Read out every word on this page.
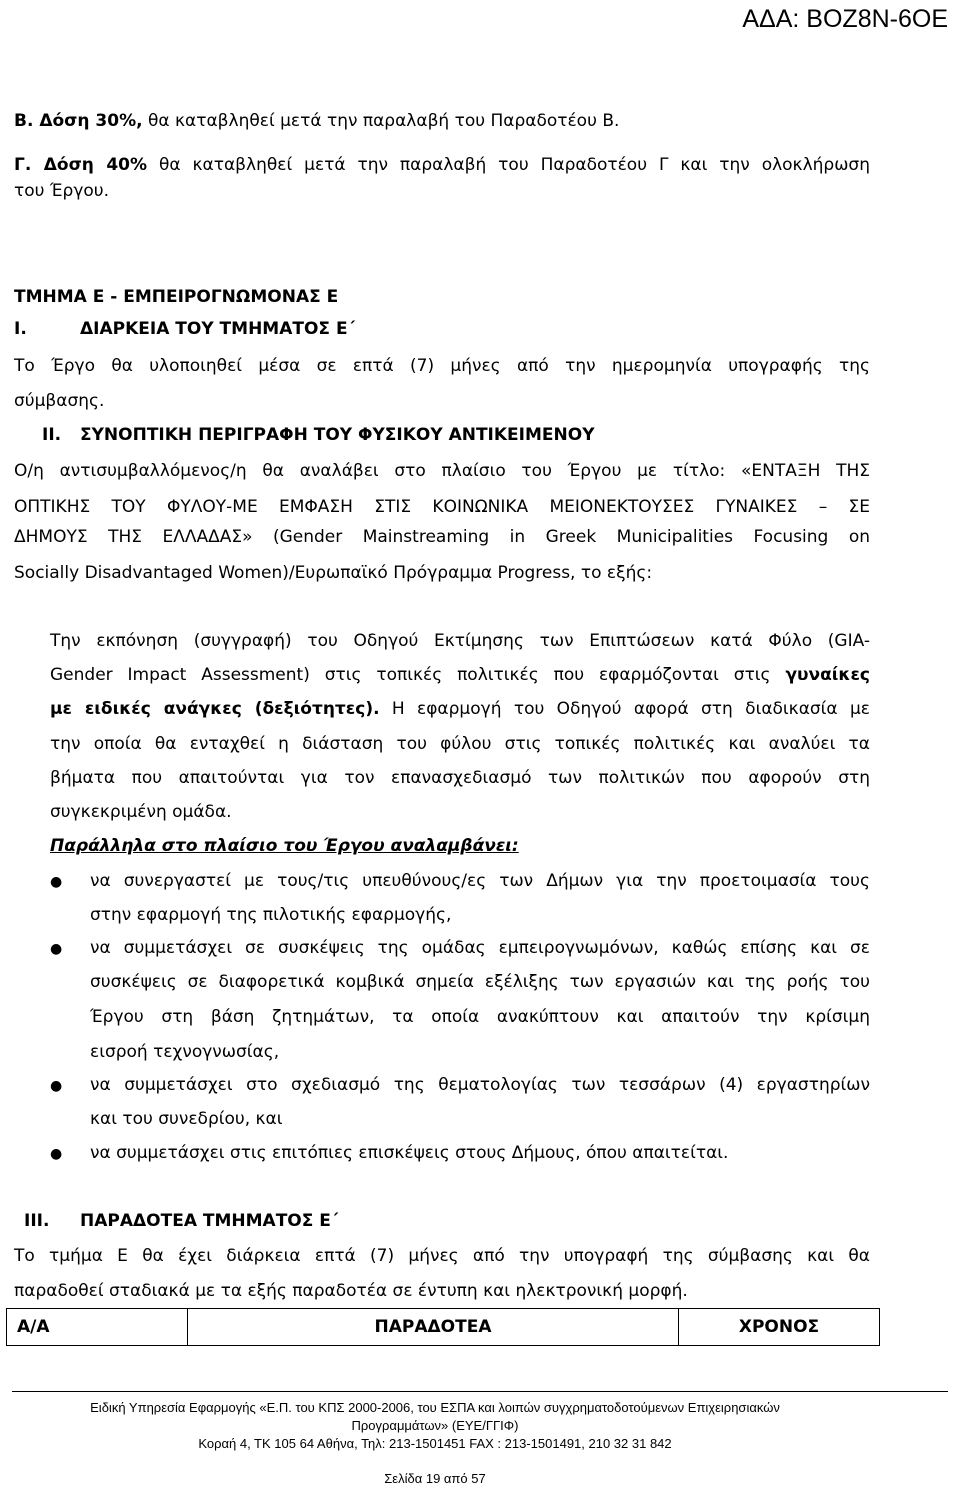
ΑΔΑ: ΒΟΖ8Ν-6ΟΕ
Β. Δόση 30%, θα καταβληθεί μετά την παραλαβή του Παραδοτέου Β.
Γ. Δόση 40% θα καταβληθεί μετά την παραλαβή του Παραδοτέου Γ και την ολοκλήρωση
του Έργου.
ΤΜΗΜΑ Ε - ΕΜΠΕΙΡΟΓΝΩΜΟΝΑΣ Ε
Ι.	ΔΙΑΡΚΕΙΑ ΤΟΥ ΤΜΗΜΑΤΟΣ Ε΄
Το Έργο θα υλοποιηθεί μέσα σε επτά (7) μήνες από την ημερομηνία υπογραφής της
σύμβασης.
ΙΙ. ΣΥΝΟΠΤΙΚΗ ΠΕΡΙΓΡΑΦΗ ΤΟΥ ΦΥΣΙΚΟΥ ΑΝΤΙΚΕΙΜΕΝΟΥ
Ο/η αντισυμβαλλόμενος/η θα αναλάβει στο πλαίσιο του Έργου με τίτλο: «ΕΝΤΑΞΗ ΤΗΣ
ΟΠΤΙΚΗΣ ΤΟΥ ΦΥΛΟΥ-ΜΕ ΕΜΦΑΣΗ ΣΤΙΣ ΚΟΙΝΩΝΙΚΑ ΜΕΙΟΝΕΚΤΟΥΣΕΣ ΓΥΝΑΙΚΕΣ – ΣΕ
ΔΗΜΟΥΣ ΤΗΣ ΕΛΛΑΔΑΣ» (Gender Mainstreaming in Greek Municipalities Focusing on
Socially Disadvantaged Women)/Ευρωπαϊκό Πρόγραμμα Progress, το εξής:
Την εκπόνηση (συγγραφή) του Οδηγού Εκτίμησης των Επιπτώσεων κατά Φύλο (GIA-
Gender Impact Assessment) στις τοπικές πολιτικές που εφαρμόζονται στις γυναίκες
με ειδικές ανάγκες (δεξιότητες). Η εφαρμογή του Οδηγού αφορά στη διαδικασία με
την οποία θα ενταχθεί η διάσταση του φύλου στις τοπικές πολιτικές και αναλύει τα
βήματα που απαιτούνται για τον επανασχεδιασμό των πολιτικών που αφορούν στη
συγκεκριμένη ομάδα.
Παράλληλα στο πλαίσιο του Έργου αναλαμβάνει:
● να συνεργαστεί με τους/τις υπευθύνους/ες των Δήμων για την προετοιμασία τους
στην εφαρμογή της πιλοτικής εφαρμογής,
● να συμμετάσχει σε συσκέψεις της ομάδας εμπειρογνωμόνων, καθώς επίσης και σε
συσκέψεις σε διαφορετικά κομβικά σημεία εξέλιξης των εργασιών και της ροής του
Έργου στη βάση ζητημάτων, τα οποία ανακύπτουν και απαιτούν την κρίσιμη
εισροή τεχνογνωσίας,
● να συμμετάσχει στο σχεδιασμό της θεματολογίας των τεσσάρων (4) εργαστηρίων
και του συνεδρίου, και
● να συμμετάσχει στις επιτόπιες επισκέψεις στους Δήμους, όπου απαιτείται.
ΙΙΙ. ΠΑΡΑΔΟΤΕΑ ΤΜΗΜΑΤΟΣ Ε΄
Το τμήμα Ε θα έχει διάρκεια επτά (7) μήνες από την υπογραφή της σύμβασης και θα
παραδοθεί σταδιακά με τα εξής παραδοτέα σε έντυπη και ηλεκτρονική μορφή.
Α/Α	ΠΑΡΑΔΟΤΕΑ	ΧΡΟΝΟΣ
Ειδική Υπηρεσία Εφαρμογής «Ε.Π. του ΚΠΣ 2000-2006, του ΕΣΠΑ και λοιπών συγχρηματοδοτούμενων Επιχειρησιακών
Προγραμμάτων» (ΕΥΕ/ΓΓΙΦ)
Κοραή 4, ΤΚ 105 64 Αθήνα, Τηλ: 213-1501451 FAX : 213-1501491, 210 32 31 842
Σελίδα 19 από 57
